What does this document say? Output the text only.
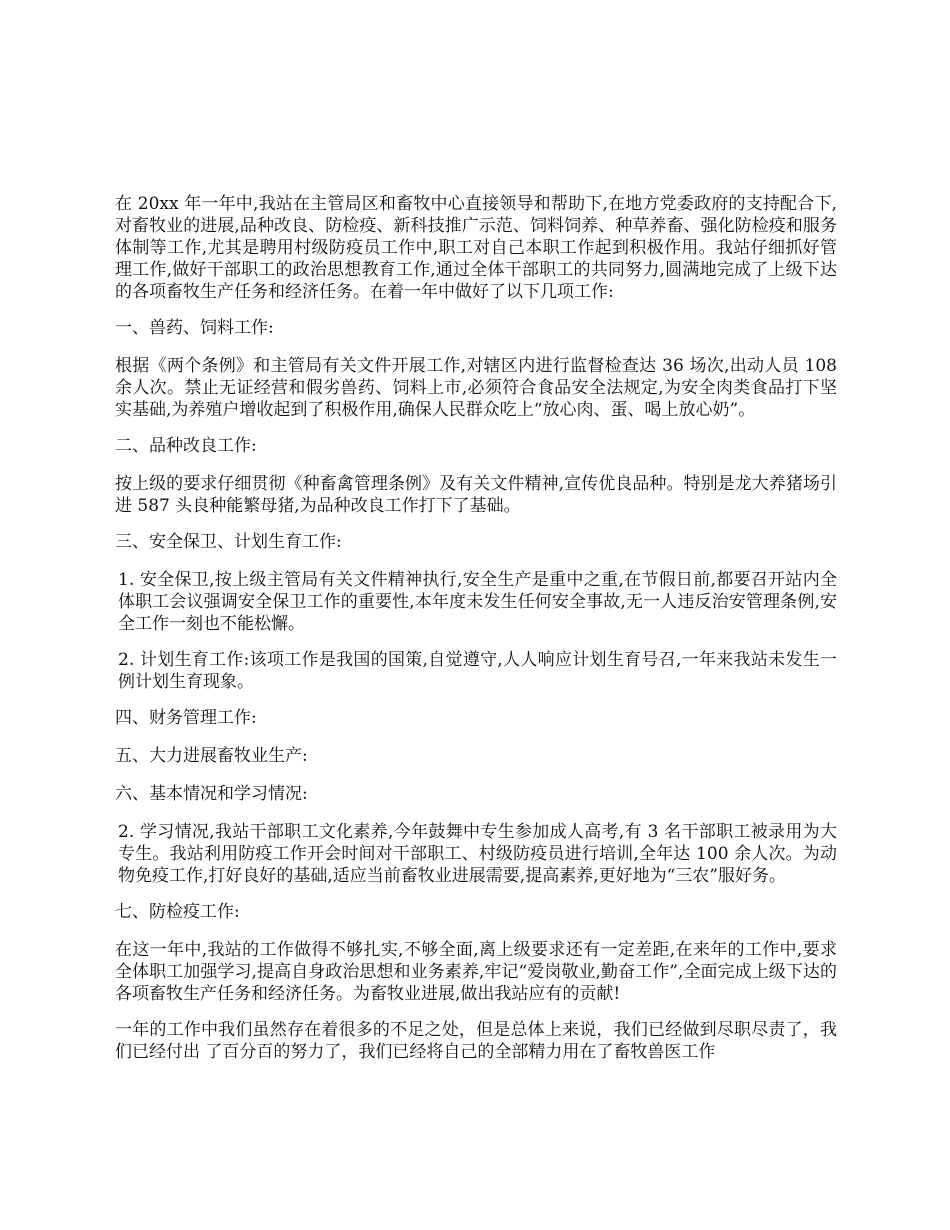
在 20xx 年一年中,我站在主管局区和畜牧中心直接领导和帮助下,在地方党委政府的支持配合下,对畜牧业的进展,品种改良、防检疫、新科技推广示范、饲料饲养、种草养畜、强化防检疫和服务体制等工作,尤其是聘用村级防疫员工作中,职工对自己本职工作起到积极作用。我站仔细抓好管理工作,做好干部职工的政治思想教育工作,通过全体干部职工的共同努力,圆满地完成了上级下达的各项畜牧生产任务和经济任务。在着一年中做好了以下几项工作:

一、兽药、饲料工作:

根据《两个条例》和主管局有关文件开展工作,对辖区内进行监督检查达 36 场次,出动人员 108 余人次。禁止无证经营和假劣兽药、饲料上市,必须符合食品安全法规定,为安全肉类食品打下坚实基础,为养殖户增收起到了积极作用,确保人民群众吃上“放心肉、蛋、喝上放心奶”。

二、品种改良工作:

按上级的要求仔细贯彻《种畜禽管理条例》及有关文件精神,宣传优良品种。特别是龙大养猪场引进 587 头良种能繁母猪,为品种改良工作打下了基础。

三、安全保卫、计划生育工作:

1. 安全保卫,按上级主管局有关文件精神执行,安全生产是重中之重,在节假日前,都要召开站内全体职工会议强调安全保卫工作的重要性,本年度未发生任何安全事故,无一人违反治安管理条例,安全工作一刻也不能松懈。

2. 计划生育工作:该项工作是我国的国策,自觉遵守,人人响应计划生育号召,一年来我站未发生一例计划生育现象。

四、财务管理工作:

五、大力进展畜牧业生产:

六、基本情况和学习情况:

2. 学习情况,我站干部职工文化素养,今年鼓舞中专生参加成人高考,有 3 名干部职工被录用为大专生。我站利用防疫工作开会时间对干部职工、村级防疫员进行培训,全年达 100 余人次。为动物免疫工作,打好良好的基础,适应当前畜牧业进展需要,提高素养,更好地为“三农”服好务。

七、防检疫工作:

在这一年中,我站的工作做得不够扎实,不够全面,离上级要求还有一定差距,在来年的工作中,要求全体职工加强学习,提高自身政治思想和业务素养,牢记“爱岗敬业,勤奋工作”,全面完成上级下达的各项畜牧生产任务和经济任务。为畜牧业进展,做出我站应有的贡献!

一年的工作中我们虽然存在着很多的不足之处，但是总体上来说，我们已经做到尽职尽责了，我们已经付出 了百分百的努力了，我们已经将自己的全部精力用在了畜牧兽医工作
